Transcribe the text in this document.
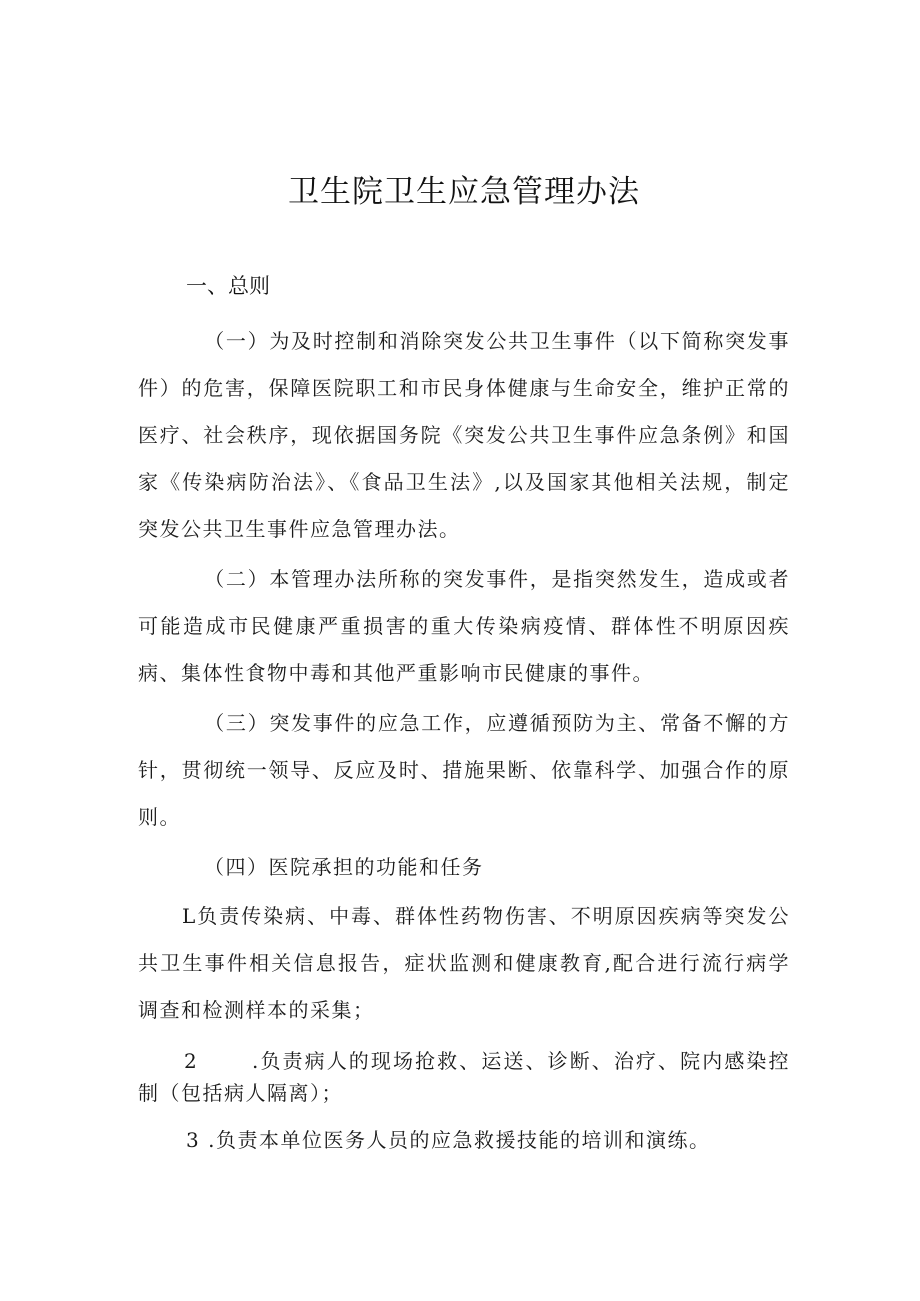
卫生院卫生应急管理办法
一、总则

（一）为及时控制和消除突发公共卫生事件（以下简称突发事件）的危害，保障医院职工和市民身体健康与生命安全，维护正常的医疗、社会秩序，现依据国务院《突发公共卫生事件应急条例》和国家《传染病防治法》、《食品卫生法》,以及国家其他相关法规，制定突发公共卫生事件应急管理办法。

（二）本管理办法所称的突发事件，是指突然发生，造成或者可能造成市民健康严重损害的重大传染病疫情、群体性不明原因疾病、集体性食物中毒和其他严重影响市民健康的事件。

（三）突发事件的应急工作，应遵循预防为主、常备不懈的方针，贯彻统一领导、反应及时、措施果断、依靠科学、加强合作的原则。

（四）医院承担的功能和任务

L负责传染病、中毒、群体性药物伤害、不明原因疾病等突发公共卫生事件相关信息报告，症状监测和健康教育,配合进行流行病学调查和检测样本的采集；

2	.负责病人的现场抢救、运送、诊断、治疗、院内感染控制（包括病人隔离）；

3 .负责本单位医务人员的应急救援技能的培训和演练。
